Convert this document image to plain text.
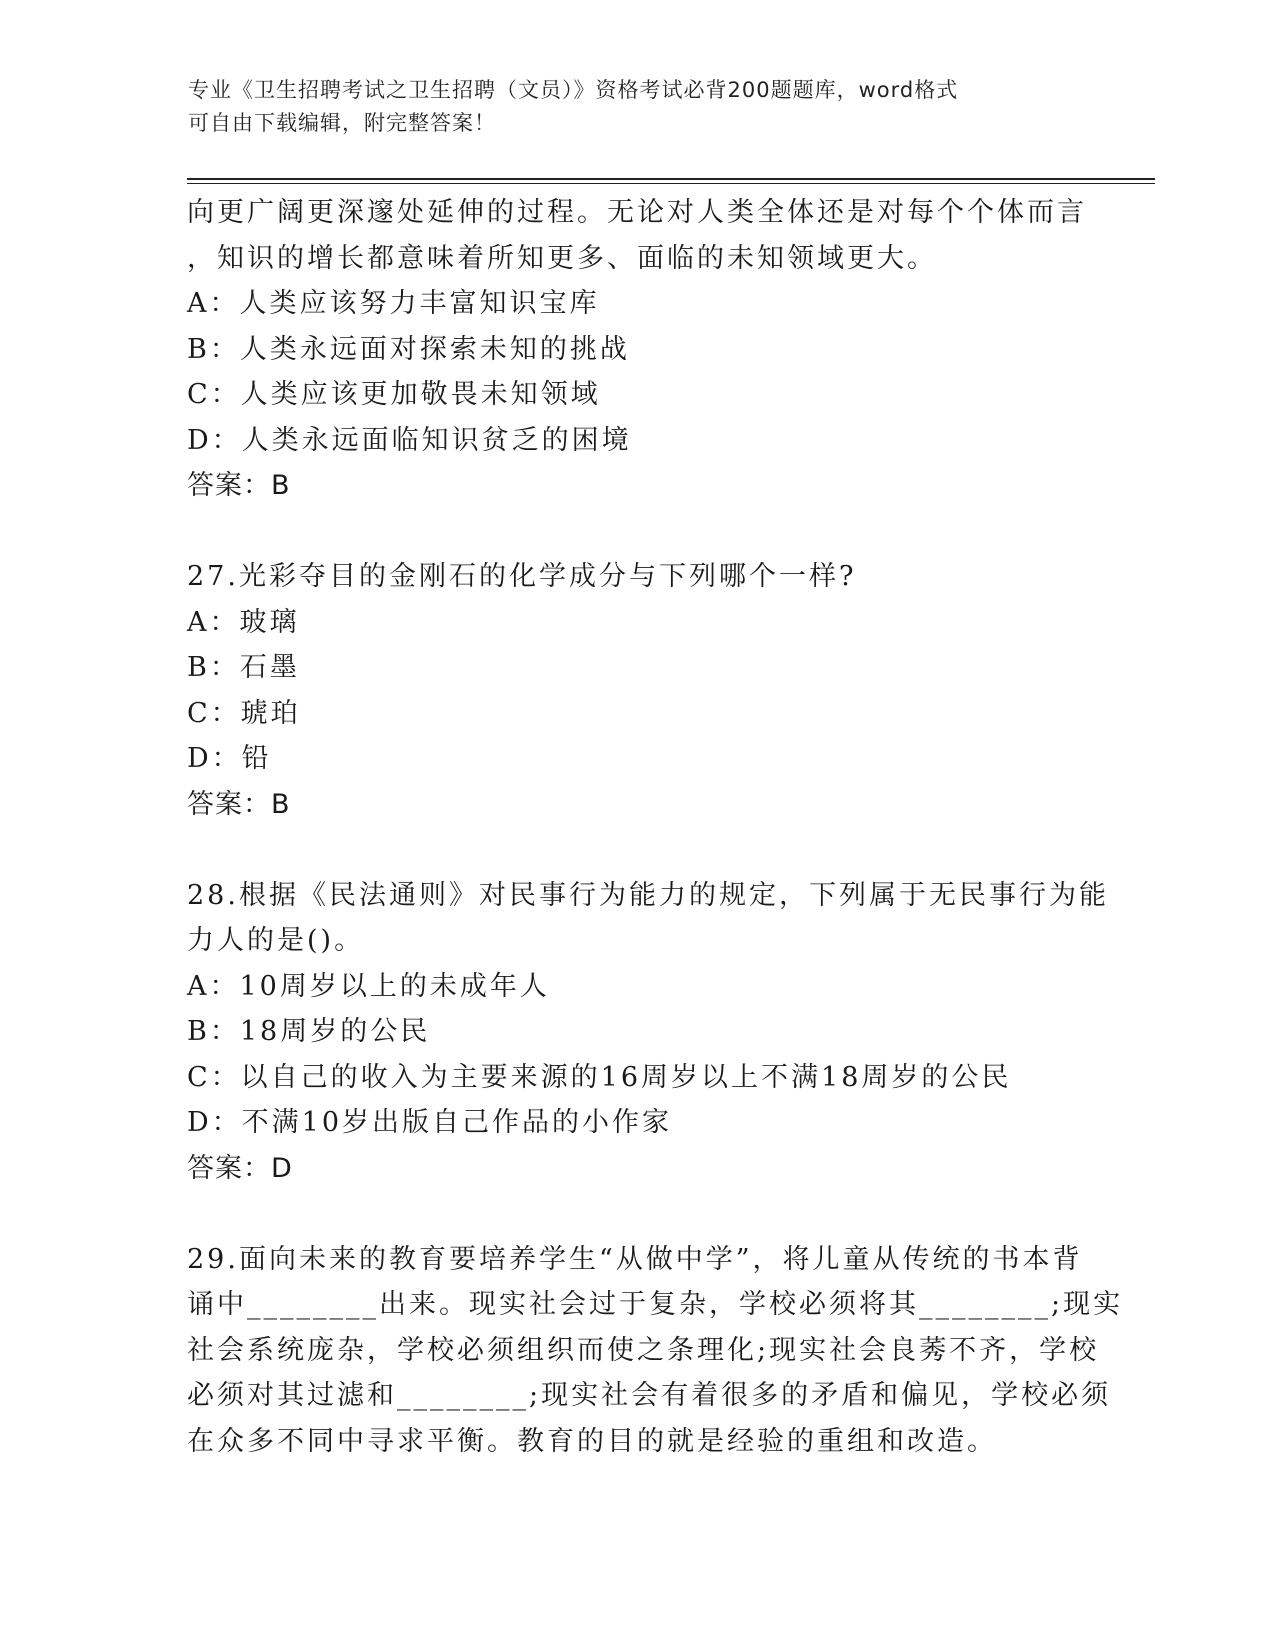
专业《卫生招聘考试之卫生招聘（文员）》资格考试必背200题题库，word格式
可自由下载编辑，附完整答案！
向更广阔更深邃处延伸的过程。无论对人类全体还是对每个个体而言
，知识的增长都意味着所知更多、面临的未知领域更大。
A：人类应该努力丰富知识宝库
B：人类永远面对探索未知的挑战
C：人类应该更加敬畏未知领域
D：人类永远面临知识贫乏的困境
答案：B
27.光彩夺目的金刚石的化学成分与下列哪个一样?
A：玻璃
B：石墨
C：琥珀
D：铅
答案：B
28.根据《民法通则》对民事行为能力的规定，下列属于无民事行为能
力人的是()。
A：10周岁以上的未成年人
B：18周岁的公民
C：以自己的收入为主要来源的16周岁以上不满18周岁的公民
D：不满10岁出版自己作品的小作家
答案：D
29.面向未来的教育要培养学生“从做中学”，将儿童从传统的书本背
诵中________出来。现实社会过于复杂，学校必须将其________;现实
社会系统庞杂，学校必须组织而使之条理化;现实社会良莠不齐，学校
必须对其过滤和________;现实社会有着很多的矛盾和偏见，学校必须
在众多不同中寻求平衡。教育的目的就是经验的重组和改造。
